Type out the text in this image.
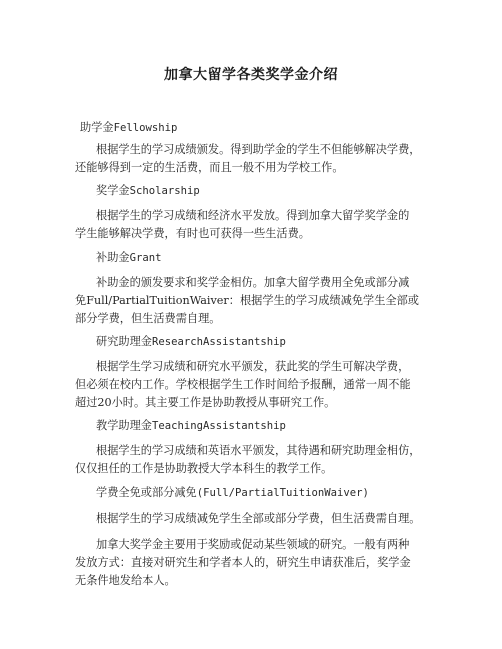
加拿大留学各类奖学金介绍
助学金Fellowship
根据学生的学习成绩颁发。得到助学金的学生不但能够解决学费，
还能够得到一定的生活费，而且一般不用为学校工作。
奖学金Scholarship
根据学生的学习成绩和经济水平发放。得到加拿大留学奖学金的
学生能够解决学费，有时也可获得一些生活费。
补助金Grant
补助金的颁发要求和奖学金相仿。加拿大留学费用全免或部分减
免Full/PartialTuitionWaiver：根据学生的学习成绩减免学生全部或
部分学费，但生活费需自理。
研究助理金ResearchAssistantship
根据学生学习成绩和研究水平颁发，获此奖的学生可解决学费，
但必须在校内工作。学校根据学生工作时间给予报酬，通常一周不能
超过20小时。其主要工作是协助教授从事研究工作。
教学助理金TeachingAssistantship
根据学生的学习成绩和英语水平颁发，其待遇和研究助理金相仿，
仅仅担任的工作是协助教授大学本科生的教学工作。
学费全免或部分减免(Full/PartialTuitionWaiver)
根据学生的学习成绩减免学生全部或部分学费，但生活费需自理。
加拿大奖学金主要用于奖励或促动某些领域的研究。一般有两种
发放方式：直接对研究生和学者本人的，研究生申请获准后，奖学金
无条件地发给本人。
